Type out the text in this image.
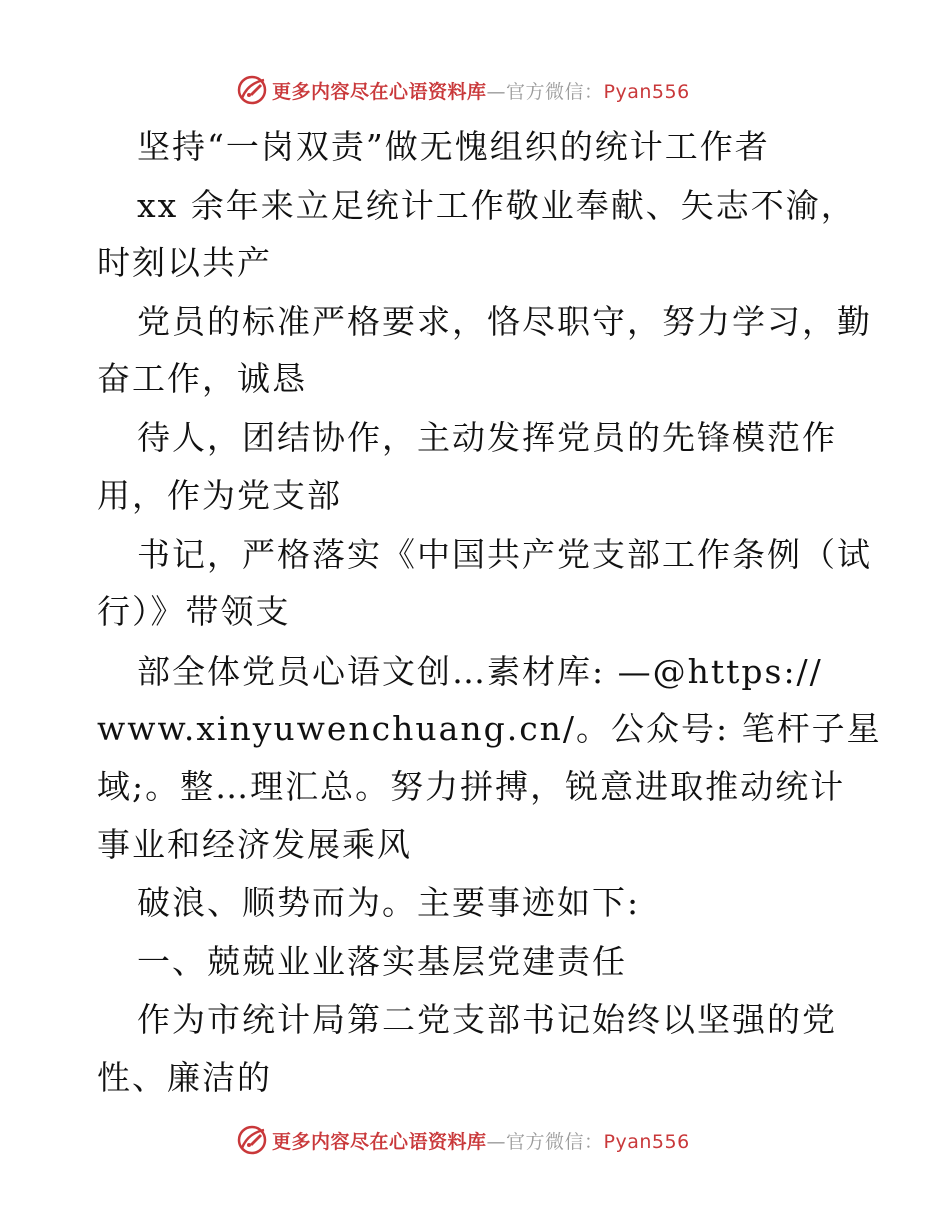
更多内容尽在心语资料库—官方微信：Pyan556
坚持“一岗双责”做无愧组织的统计工作者
xx 余年来立足统计工作敬业奉献、矢志不渝，
时刻以共产
党员的标准严格要求，恪尽职守，努力学习，勤
奋工作，诚恳
待人，团结协作，主动发挥党员的先锋模范作
用，作为党支部
书记，严格落实《中国共产党支部工作条例（试
行）》带领支
部全体党员心语文创…素材库: —@https://
www.xinyuwenchuang.cn/。公众号: 笔杆子星
域;。整…理汇总。努力拼搏，锐意进取推动统计
事业和经济发展乘风
破浪、顺势而为。主要事迹如下:
一、兢兢业业落实基层党建责任
作为市统计局第二党支部书记始终以坚强的党
性、廉洁的
更多内容尽在心语资料库—官方微信：Pyan556
